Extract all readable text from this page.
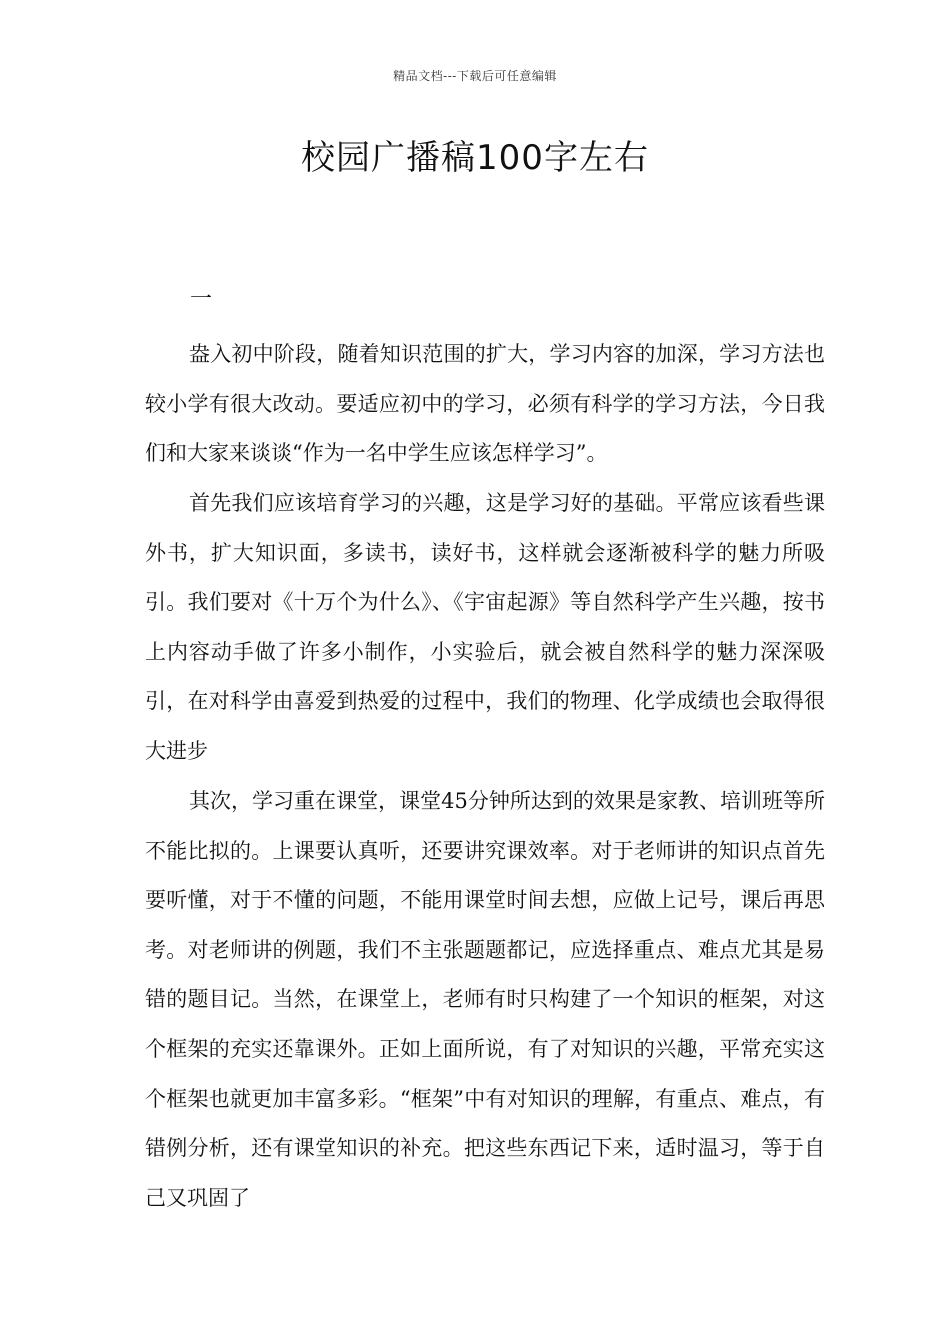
精品文档---下载后可任意编辑
校园广播稿100字左右
一

盎入初中阶段，随着知识范围的扩大，学习内容的加深，学习方法也较小学有很大改动。要适应初中的学习，必须有科学的学习方法，今日我们和大家来谈谈“作为一名中学生应该怎样学习”。

首先我们应该培育学习的兴趣，这是学习好的基础。平常应该看些课外书，扩大知识面，多读书，读好书，这样就会逐渐被科学的魅力所吸引。我们要对《十万个为什么》、《宇宙起源》等自然科学产生兴趣，按书上内容动手做了许多小制作，小实验后，就会被自然科学的魅力深深吸引，在对科学由喜爱到热爱的过程中，我们的物理、化学成绩也会取得很大进步

其次，学习重在课堂，课堂45分钟所达到的效果是家教、培训班等所不能比拟的。上课要认真听，还要讲究课效率。对于老师讲的知识点首先要听懂，对于不懂的问题，不能用课堂时间去想，应做上记号，课后再思考。对老师讲的例题，我们不主张题题都记，应选择重点、难点尤其是易错的题目记。当然，在课堂上，老师有时只构建了一个知识的框架，对这个框架的充实还靠课外。正如上面所说，有了对知识的兴趣，平常充实这个框架也就更加丰富多彩。“框架”中有对知识的理解，有重点、难点，有错例分析，还有课堂知识的补充。把这些东西记下来，适时温习，等于自己又巩固了
